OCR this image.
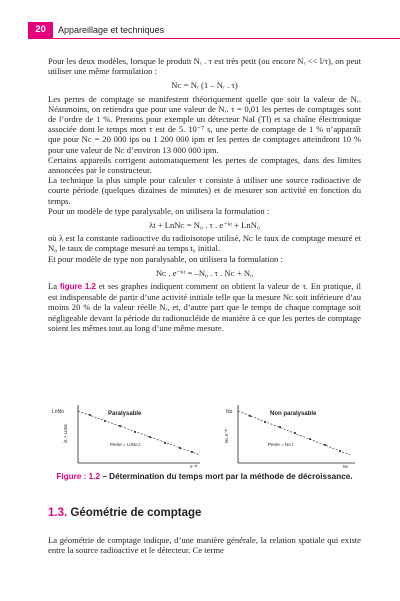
20	Appareillage et techniques

Pour les deux modèles, lorsque le produit Nᵣ . τ est très petit (ou encore Nᵣ << l/τ), on peut utiliser une même formulation :

Nᴄ = Nᵣ (1 – Nᵣ . τ)

Les pertes de comptage se manifestent théoriquement quelle que soit la valeur de Nᵣ. Néanmoins, on retiendra que pour une valeur de Nᵣ. τ = 0,01 les pertes de comptages sont de l’ordre de 1 %. Prenons pour exemple un détecteur NaI (Tl) et sa chaîne électronique associée dont le temps mort τ est de 5. 10⁻⁷ s, une perte de comptage de 1 % n’apparaît que pour Nᴄ = 20 000 ips ou 1 200 000 ipm et les pertes de comptages atteindront 10 % pour une valeur de Nᴄ d’environ 13 000 000 ipm.

Certains appareils corrigent automatiquement les pertes de comptages, dans des limites annoncées par le constructeur.

La technique la plus simple pour calculer τ consiste à utiliser une source radioactive de courte période (quelques dizaines de minutes) et de mesurer son activité en fonction du temps.

Pour un modèle de type paralysable, on utilisera la formulation :

λt + LnNᴄ = N₀ . τ . e⁻ᵏᵗ + LnN₀

où λ est la constante radioactive du radioisotope utilisé, Nᴄ le taux de comptage mesuré et N₀ le taux de comptage mesuré au temps t₀ initial.

Et pour modèle de type non paralysable, on utilisera la formulation :

Nᴄ . e⁻ᵏᵗ = –N₀ . τ . Nᴄ + N₀

La figure 1.2 et ses graphes indiquent comment on obtient la valeur de τ. En pratique, il est indispensable de partir d’une activité initiale telle que la mesure Nᴄ soit inférieure d’au moins 20 % de la valeur réelle Nᵣ, et, d’autre part que le temps de chaque comptage soit négligeable devant la période du radionucléide de manière à ce que les pertes de comptage soient les mêmes tout au long d’une même mesure.

LnNo	Paralysable
λt + LnNc
Pente = LnNo.τ
e⁻ᵏᵗ
No	Non paralysable
Nc.e⁻ᵏᵗ
Pente = No.τ
Nc
Figure : 1.2 – Détermination du temps mort par la méthode de décroissance.
1.3. Géométrie de comptage

La géométrie de comptage indique, d’une manière générale, la relation spatiale qui existe entre la source radioactive et le détecteur. Ce terme
